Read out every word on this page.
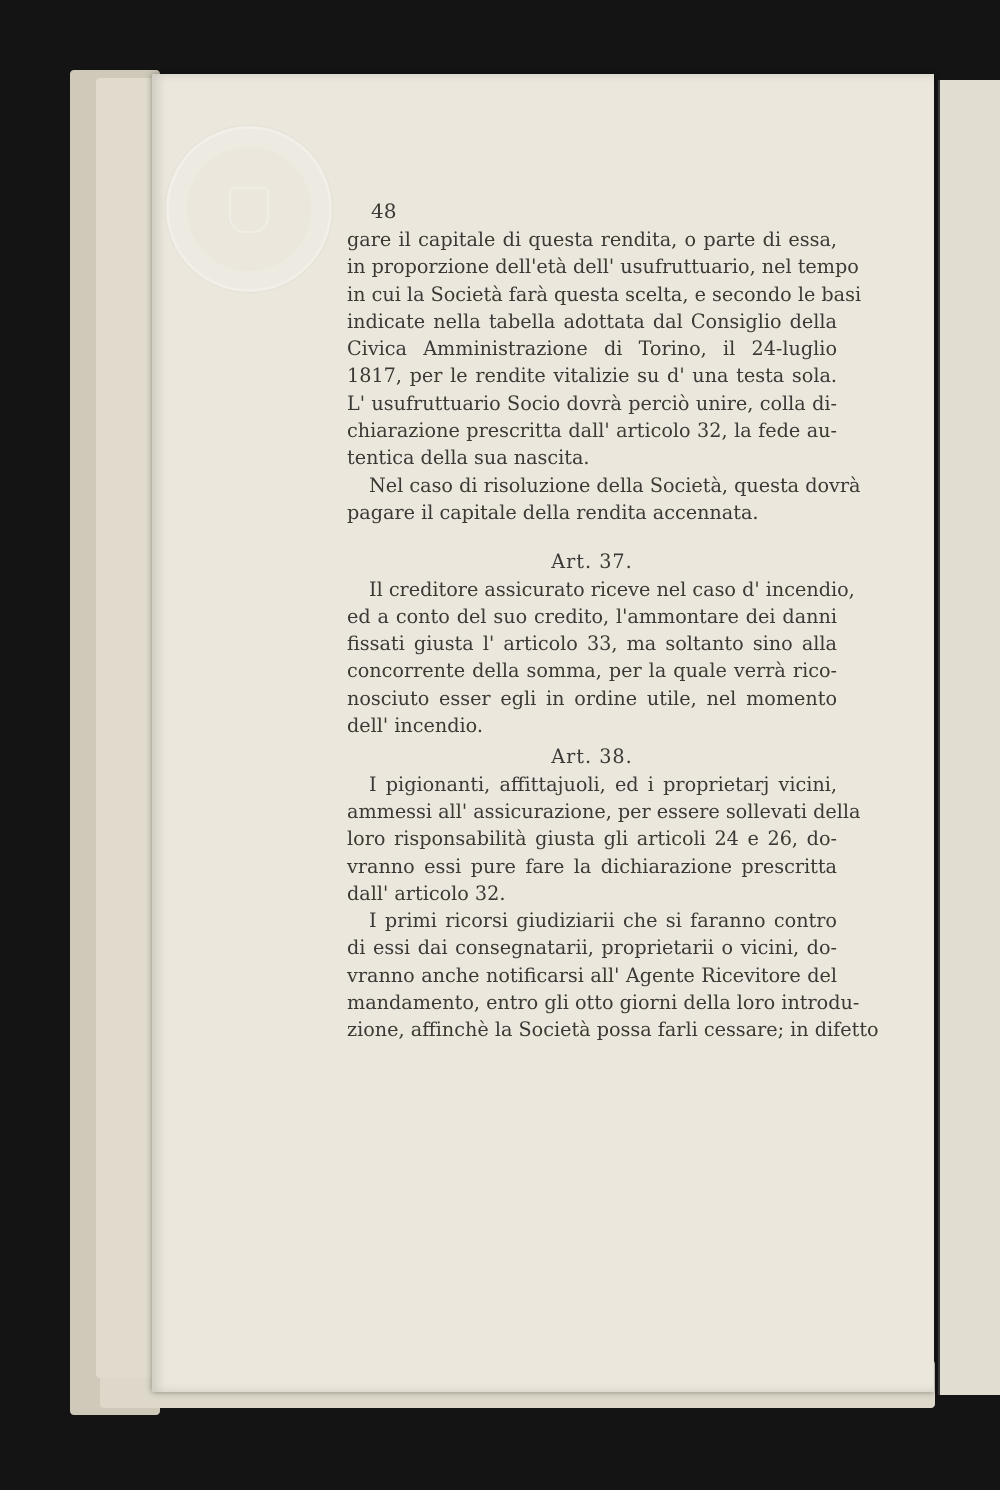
48
gare il capitale di questa rendita, o parte di essa,
in proporzione dell'età dell' usufruttuario, nel tempo
in cui la Società farà questa scelta, e secondo le basi
indicate nella tabella adottata dal Consiglio della
Civica Amministrazione di Torino, il 24-luglio
1817, per le rendite vitalizie su d' una testa sola.
L' usufruttuario Socio dovrà perciò unire, colla di-
chiarazione prescritta dall' articolo 32, la fede au-
tentica della sua nascita.
Nel caso di risoluzione della Società, questa dovrà
pagare il capitale della rendita accennata.
Art. 37.
Il creditore assicurato riceve nel caso d' incendio,
ed a conto del suo credito, l'ammontare dei danni
fissati giusta l' articolo 33, ma soltanto sino alla
concorrente della somma, per la quale verrà rico-
nosciuto esser egli in ordine utile, nel momento
dell' incendio.
Art. 38.
I pigionanti, affittajuoli, ed i proprietarj vicini,
ammessi all' assicurazione, per essere sollevati della
loro risponsabilità giusta gli articoli 24 e 26, do-
vranno essi pure fare la dichiarazione prescritta
dall' articolo 32.
I primi ricorsi giudiziarii che si faranno contro
di essi dai consegnatarii, proprietarii o vicini, do-
vranno anche notificarsi all' Agente Ricevitore del
mandamento, entro gli otto giorni della loro introdu-
zione, affinchè la Società possa farli cessare; in difetto
